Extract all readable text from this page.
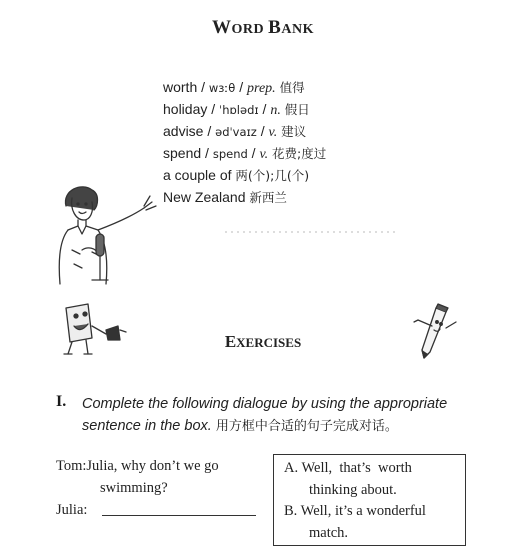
WORD BANK
worth / wɜːθ / prep. 值得
holiday / ˈhɒlədɪ / n. 假日
advise / ədˈvaɪz / v. 建议
spend / spend / v. 花费;度过
a couple of 两(个);几(个)
New Zealand 新西兰
EXERCISES
I. Complete the following dialogue by using the appropriate
sentence in the box. 用方框中合适的句子完成对话。
Tom:Julia, why don’t we go
swimming?
Julia:
A. Well,  that’s  worth
thinking about.
B. Well, it’s a wonderful
match.
